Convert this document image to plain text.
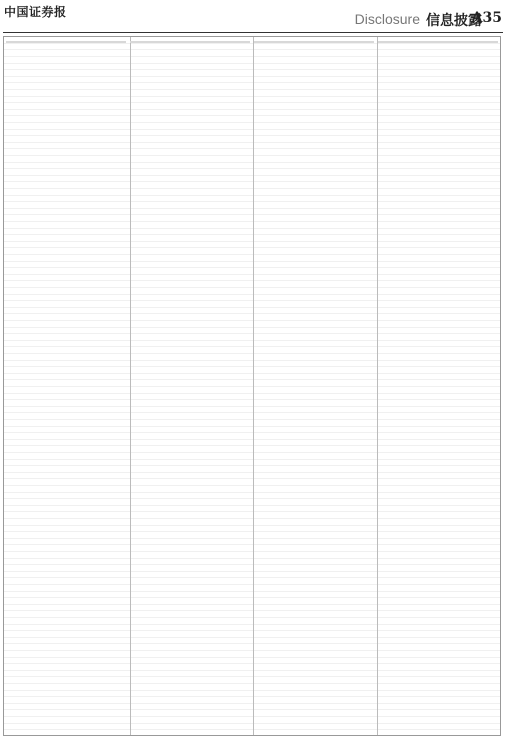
中国证券报	Disclosure 信息披露
A35
